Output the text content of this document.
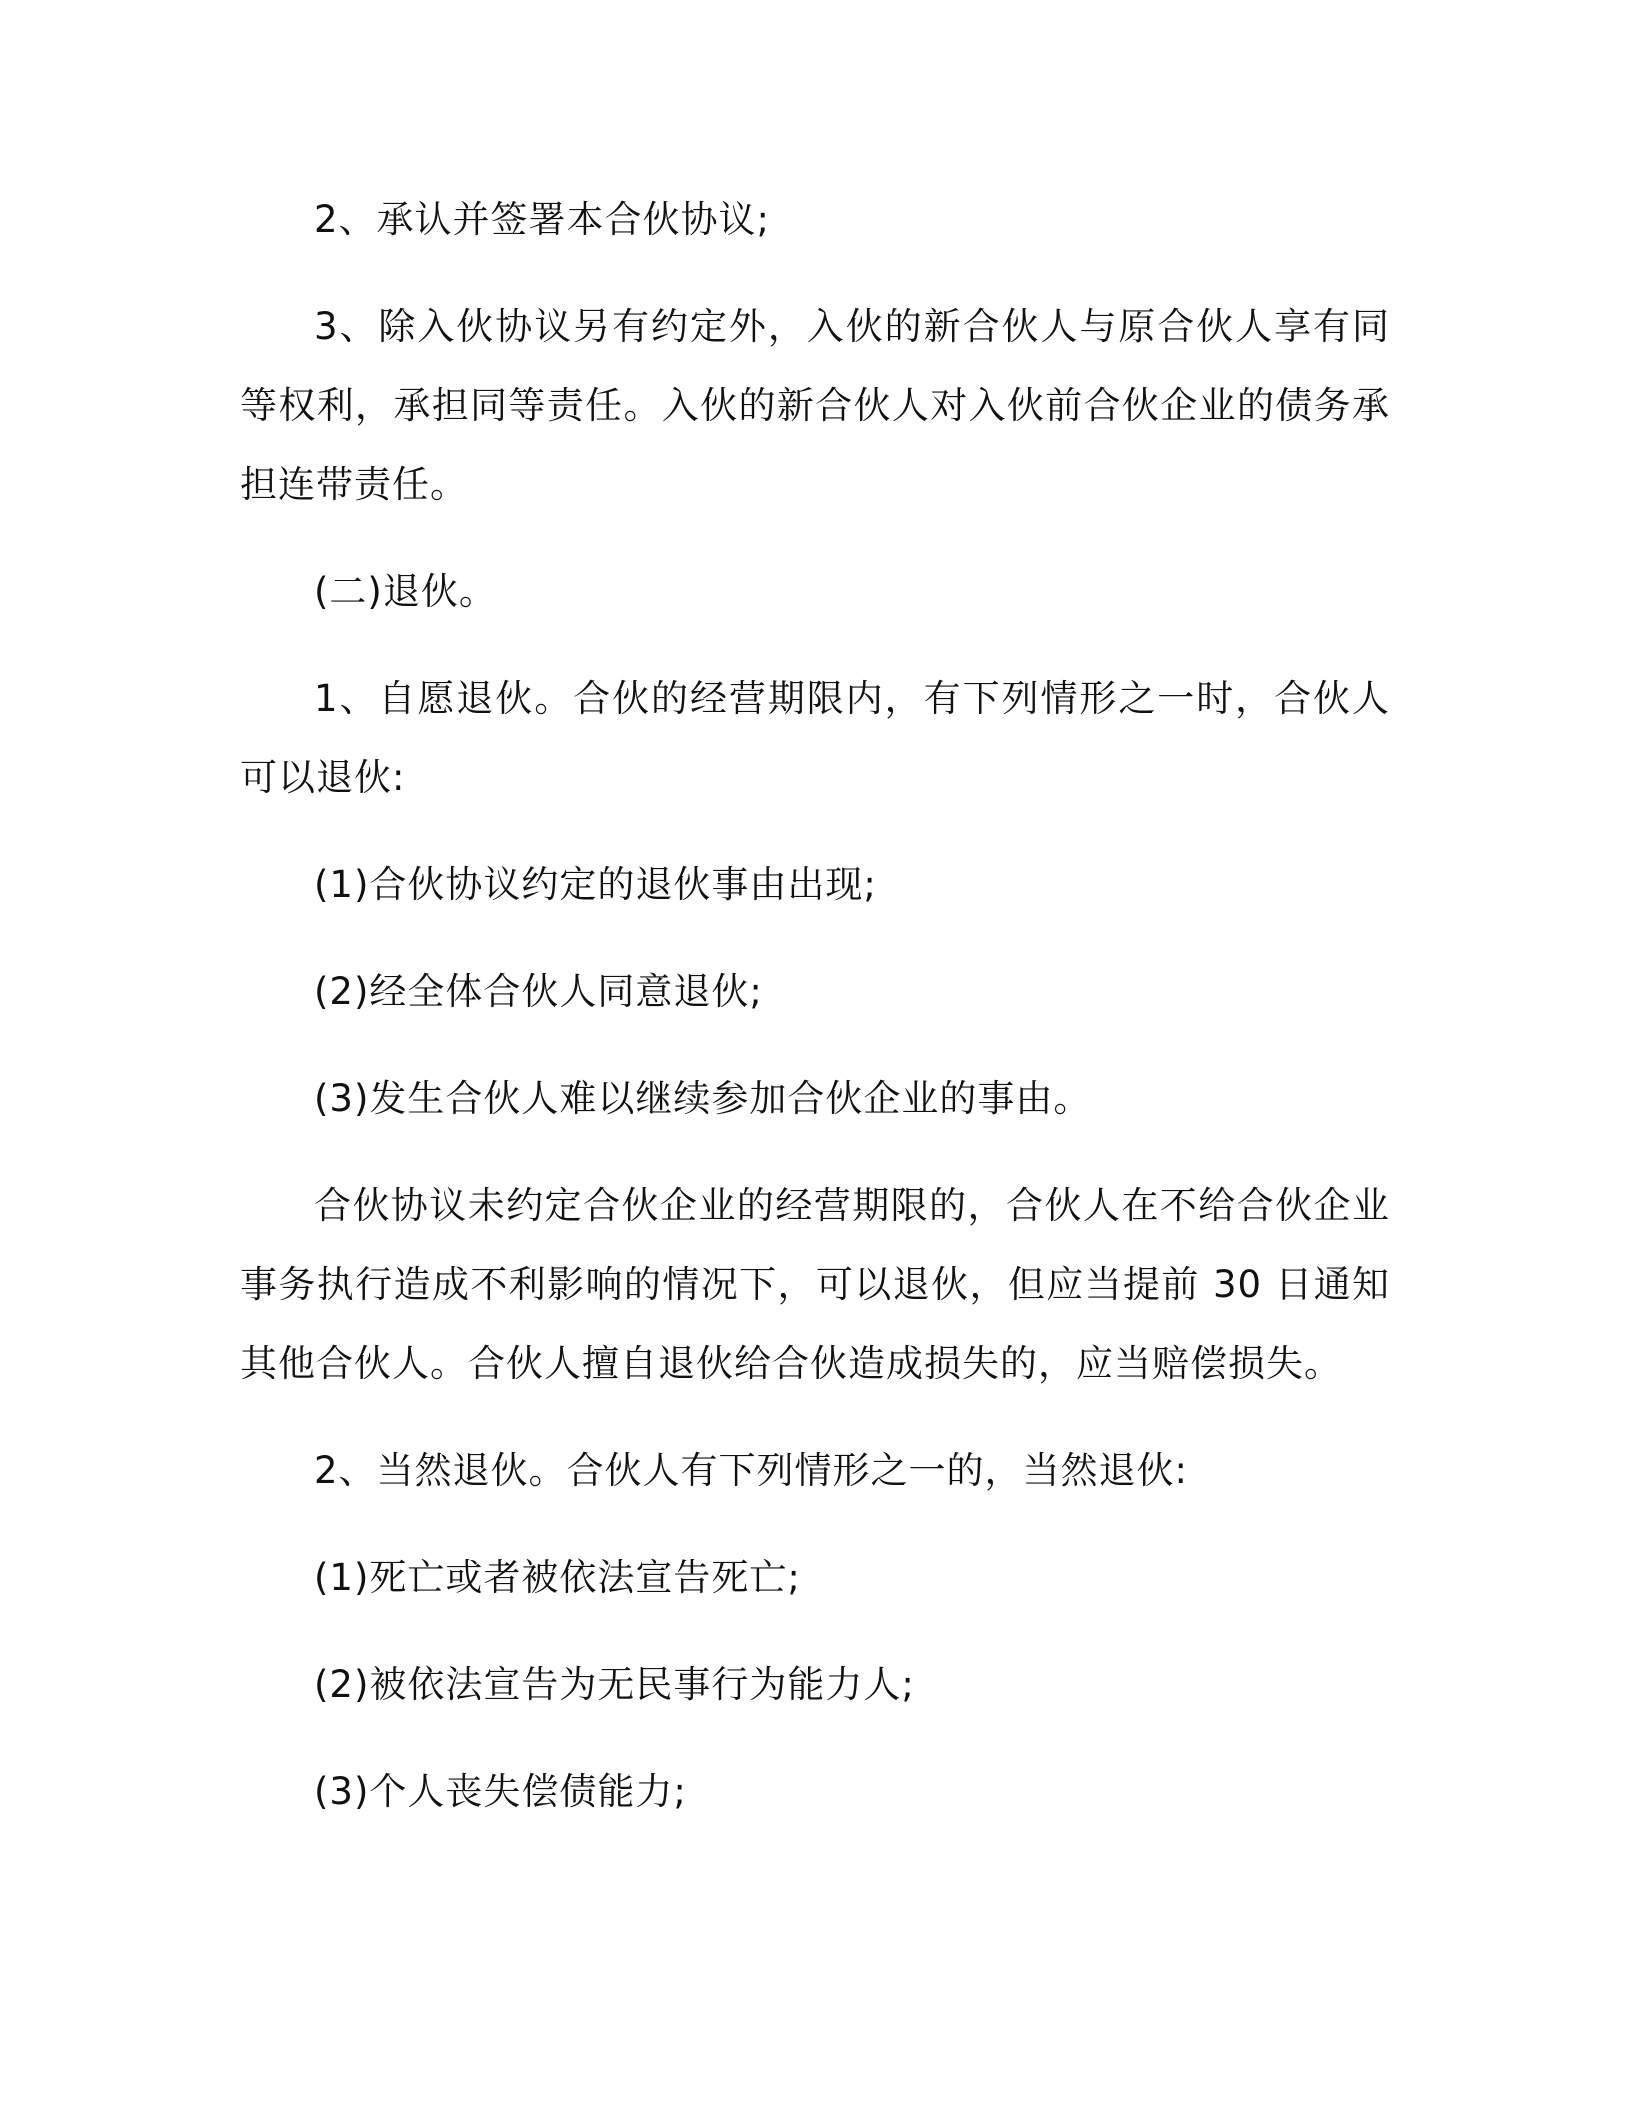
2、承认并签署本合伙协议;

3、除入伙协议另有约定外，入伙的新合伙人与原合伙人享有同等权利，承担同等责任。入伙的新合伙人对入伙前合伙企业的债务承担连带责任。

(二)退伙。

1、自愿退伙。合伙的经营期限内，有下列情形之一时，合伙人可以退伙:

(1)合伙协议约定的退伙事由出现;

(2)经全体合伙人同意退伙;

(3)发生合伙人难以继续参加合伙企业的事由。

合伙协议未约定合伙企业的经营期限的，合伙人在不给合伙企业事务执行造成不利影响的情况下，可以退伙，但应当提前 30 日通知其他合伙人。合伙人擅自退伙给合伙造成损失的，应当赔偿损失。

2、当然退伙。合伙人有下列情形之一的，当然退伙:

(1)死亡或者被依法宣告死亡;

(2)被依法宣告为无民事行为能力人;

(3)个人丧失偿债能力;
